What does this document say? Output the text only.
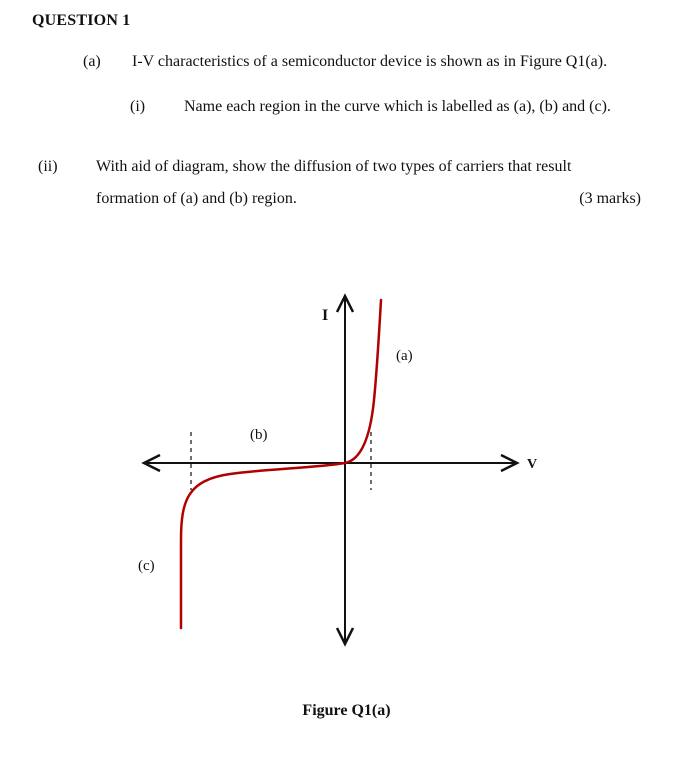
QUESTION 1
(a) I-V characteristics of a semiconductor device is shown as in Figure Q1(a).
(i) Name each region in the curve which is labelled as (a), (b) and (c).
(ii) With aid of diagram, show the diffusion of two types of carriers that result
formation of (a) and (b) region.	(3 marks)
I
V
(a)
(b)
(c)
Figure Q1(a)
